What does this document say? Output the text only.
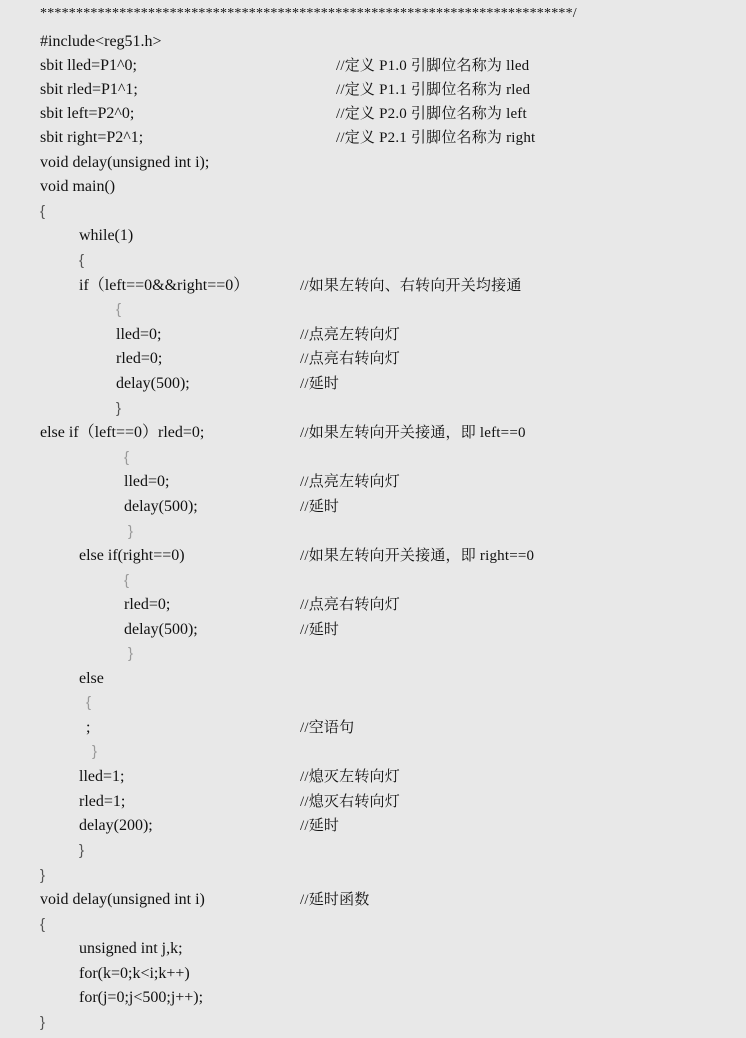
**************************************************************************/
#include<reg51.h>
sbit lled=P1^0;	//定义 P1.0 引脚位名称为 lled
sbit rled=P1^1;	//定义 P1.1 引脚位名称为 rled
sbit left=P2^0;	//定义 P2.0 引脚位名称为 left
sbit right=P2^1;	//定义 P2.1 引脚位名称为 right
void delay(unsigned int i);
void main()
{
while(1)
{
if（left==0&&right==0）	//如果左转向、右转向开关均接通
{
lled=0;	//点亮左转向灯
rled=0;	//点亮右转向灯
delay(500);	//延时
}
else if（left==0）rled=0;	//如果左转向开关接通，即 left==0
{
lled=0;	//点亮左转向灯
delay(500);	//延时
}
else if(right==0)	//如果左转向开关接通，即 right==0
{
rled=0;	//点亮右转向灯
delay(500);	//延时
}
else
{
;	//空语句
}
lled=1;	//熄灭左转向灯
rled=1;	//熄灭右转向灯
delay(200);	//延时
}
}
void delay(unsigned int i)	//延时函数
{
unsigned int j,k;
for(k=0;k<i;k++)
for(j=0;j<500;j++);
}
